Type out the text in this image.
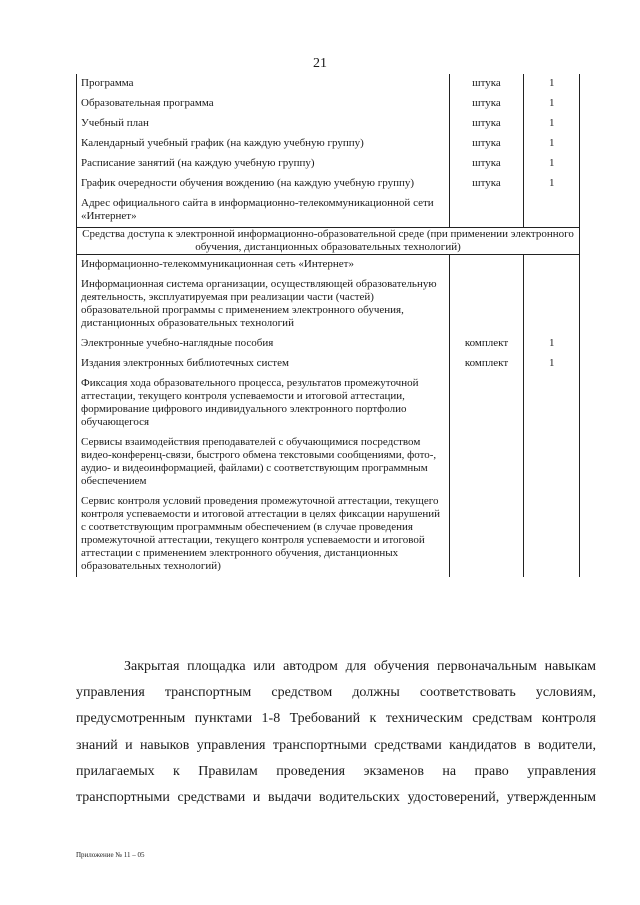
21
Программа	штука	1
Образовательная программа	штука	1
Учебный план	штука	1
Календарный учебный график (на каждую учебную группу)	штука	1
Расписание занятий (на каждую учебную группу)	штука	1
График очередности обучения вождению (на каждую учебную группу)	штука	1
Адрес официального сайта в информационно-телекоммуникационной сети «Интернет»		
Средства доступа к электронной информационно-образовательной среде (при применении электронного обучения, дистанционных образовательных технологий)		
Информационно-телекоммуникационная сеть «Интернет»		
Информационная система организации, осуществляющей образовательную деятельность, эксплуатируемая при реализации части (частей) образовательной программы с применением электронного обучения, дистанционных образовательных технологий		
Электронные учебно-наглядные пособия	комплект	1
Издания электронных библиотечных систем	комплект	1
Фиксация хода образовательного процесса, результатов промежуточной аттестации, текущего контроля успеваемости и итоговой аттестации, формирование цифрового индивидуального электронного портфолио обучающегося		
Сервисы взаимодействия преподавателей с обучающимися посредством видео-конференц-связи, быстрого обмена текстовыми сообщениями, фото-, аудио- и видеоинформацией, файлами) с соответствующим программным обеспечением		
Сервис контроля условий проведения промежуточной аттестации, текущего контроля успеваемости и итоговой аттестации в целях фиксации нарушений с соответствующим программным обеспечением (в случае проведения промежуточной аттестации, текущего контроля успеваемости и итоговой аттестации с применением электронного обучения, дистанционных образовательных технологий)		
Закрытая площадка или автодром для обучения первоначальным навыкам
управления транспортным средством должны соответствовать условиям,
предусмотренным пунктами 1-8 Требований к техническим средствам контроля
знаний и навыков управления транспортными средствами кандидатов в водители,
прилагаемых к Правилам проведения экзаменов на право управления
транспортными средствами и выдачи водительских удостоверений, утвержденным
Приложение № 11 – 05
